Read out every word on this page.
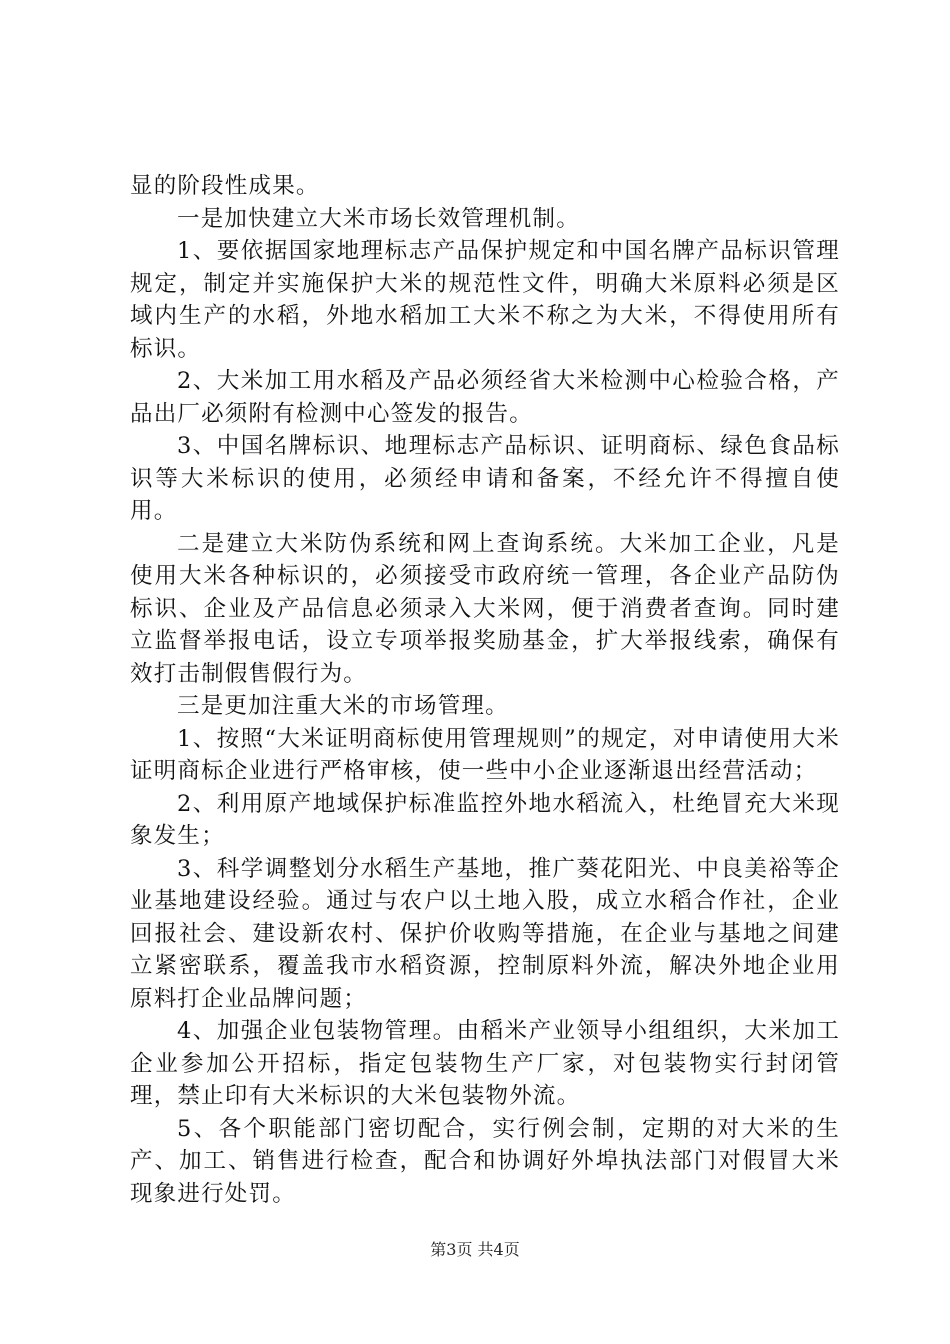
显的阶段性成果。

一是加快建立大米市场长效管理机制。

1、要依据国家地理标志产品保护规定和中国名牌产品标识管理规定，制定并实施保护大米的规范性文件，明确大米原料必须是区域内生产的水稻，外地水稻加工大米不称之为大米，不得使用所有标识。

2、大米加工用水稻及产品必须经省大米检测中心检验合格，产品出厂必须附有检测中心签发的报告。

3、中国名牌标识、地理标志产品标识、证明商标、绿色食品标识等大米标识的使用，必须经申请和备案，不经允许不得擅自使用。

二是建立大米防伪系统和网上查询系统。大米加工企业，凡是使用大米各种标识的，必须接受市政府统一管理，各企业产品防伪标识、企业及产品信息必须录入大米网，便于消费者查询。同时建立监督举报电话，设立专项举报奖励基金，扩大举报线索，确保有效打击制假售假行为。

三是更加注重大米的市场管理。

1、按照“大米证明商标使用管理规则”的规定，对申请使用大米证明商标企业进行严格审核，使一些中小企业逐渐退出经营活动；

2、利用原产地域保护标准监控外地水稻流入，杜绝冒充大米现象发生；

3、科学调整划分水稻生产基地，推广葵花阳光、中良美裕等企业基地建设经验。通过与农户以土地入股，成立水稻合作社，企业回报社会、建设新农村、保护价收购等措施，在企业与基地之间建立紧密联系，覆盖我市水稻资源，控制原料外流，解决外地企业用原料打企业品牌问题；

4、加强企业包装物管理。由稻米产业领导小组组织，大米加工企业参加公开招标，指定包装物生产厂家，对包装物实行封闭管理，禁止印有大米标识的大米包装物外流。

5、各个职能部门密切配合，实行例会制，定期的对大米的生产、加工、销售进行检查，配合和协调好外埠执法部门对假冒大米现象进行处罚。

第3页 共4页
